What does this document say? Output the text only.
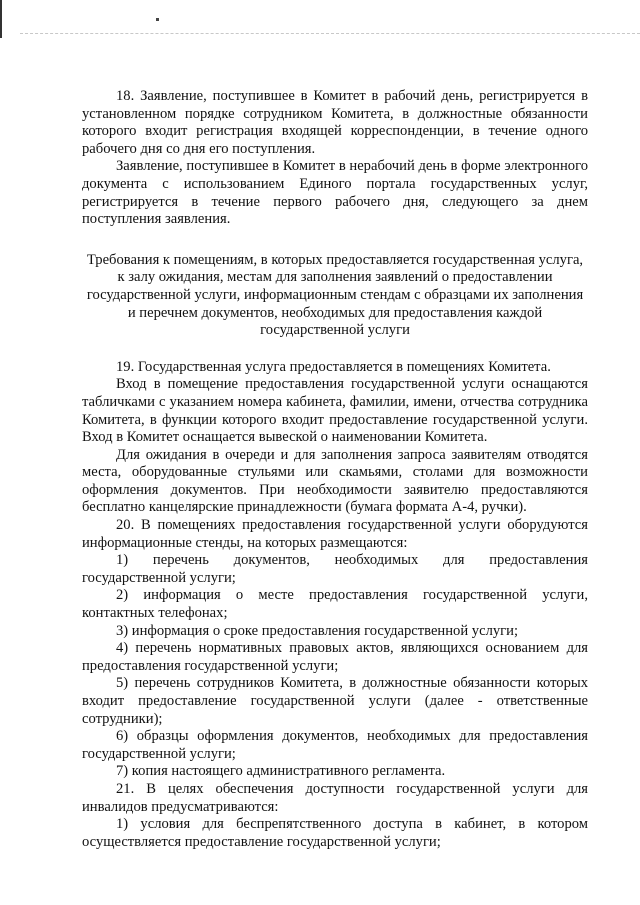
18. Заявление, поступившее в Комитет в рабочий день, регистрируется в установленном порядке сотрудником Комитета, в должностные обязанности которого входит регистрация входящей корреспонденции, в течение одного рабочего дня со дня его поступления.

Заявление, поступившее в Комитет в нерабочий день в форме электронного документа с использованием Единого портала государственных услуг, регистрируется в течение первого рабочего дня, следующего за днем поступления заявления.

Требования к помещениям, в которых предоставляется государственная услуга, к залу ожидания, местам для заполнения заявлений о предоставлении государственной услуги, информационным стендам с образцами их заполнения и перечнем документов, необходимых для предоставления каждой государственной услуги

19. Государственная услуга предоставляется в помещениях Комитета.

Вход в помещение предоставления государственной услуги оснащаются табличками с указанием номера кабинета, фамилии, имени, отчества сотрудника Комитета, в функции которого входит предоставление государственной услуги. Вход в Комитет оснащается вывеской о наименовании Комитета.

Для ожидания в очереди и для заполнения запроса заявителям отводятся места, оборудованные стульями или скамьями, столами для возможности оформления документов. При необходимости заявителю предоставляются бесплатно канцелярские принадлежности (бумага формата А-4, ручки).

20. В помещениях предоставления государственной услуги оборудуются информационные стенды, на которых размещаются:

1) перечень документов, необходимых для предоставления государственной услуги;

2) информация о месте предоставления государственной услуги, контактных телефонах;

3) информация о сроке предоставления государственной услуги;

4) перечень нормативных правовых актов, являющихся основанием для предоставления государственной услуги;

5) перечень сотрудников Комитета, в должностные обязанности которых входит предоставление государственной услуги (далее - ответственные сотрудники);

6) образцы оформления документов, необходимых для предоставления государственной услуги;

7) копия настоящего административного регламента.

21. В целях обеспечения доступности государственной услуги для инвалидов предусматриваются:

1) условия для беспрепятственного доступа в кабинет, в котором осуществляется предоставление государственной услуги;
